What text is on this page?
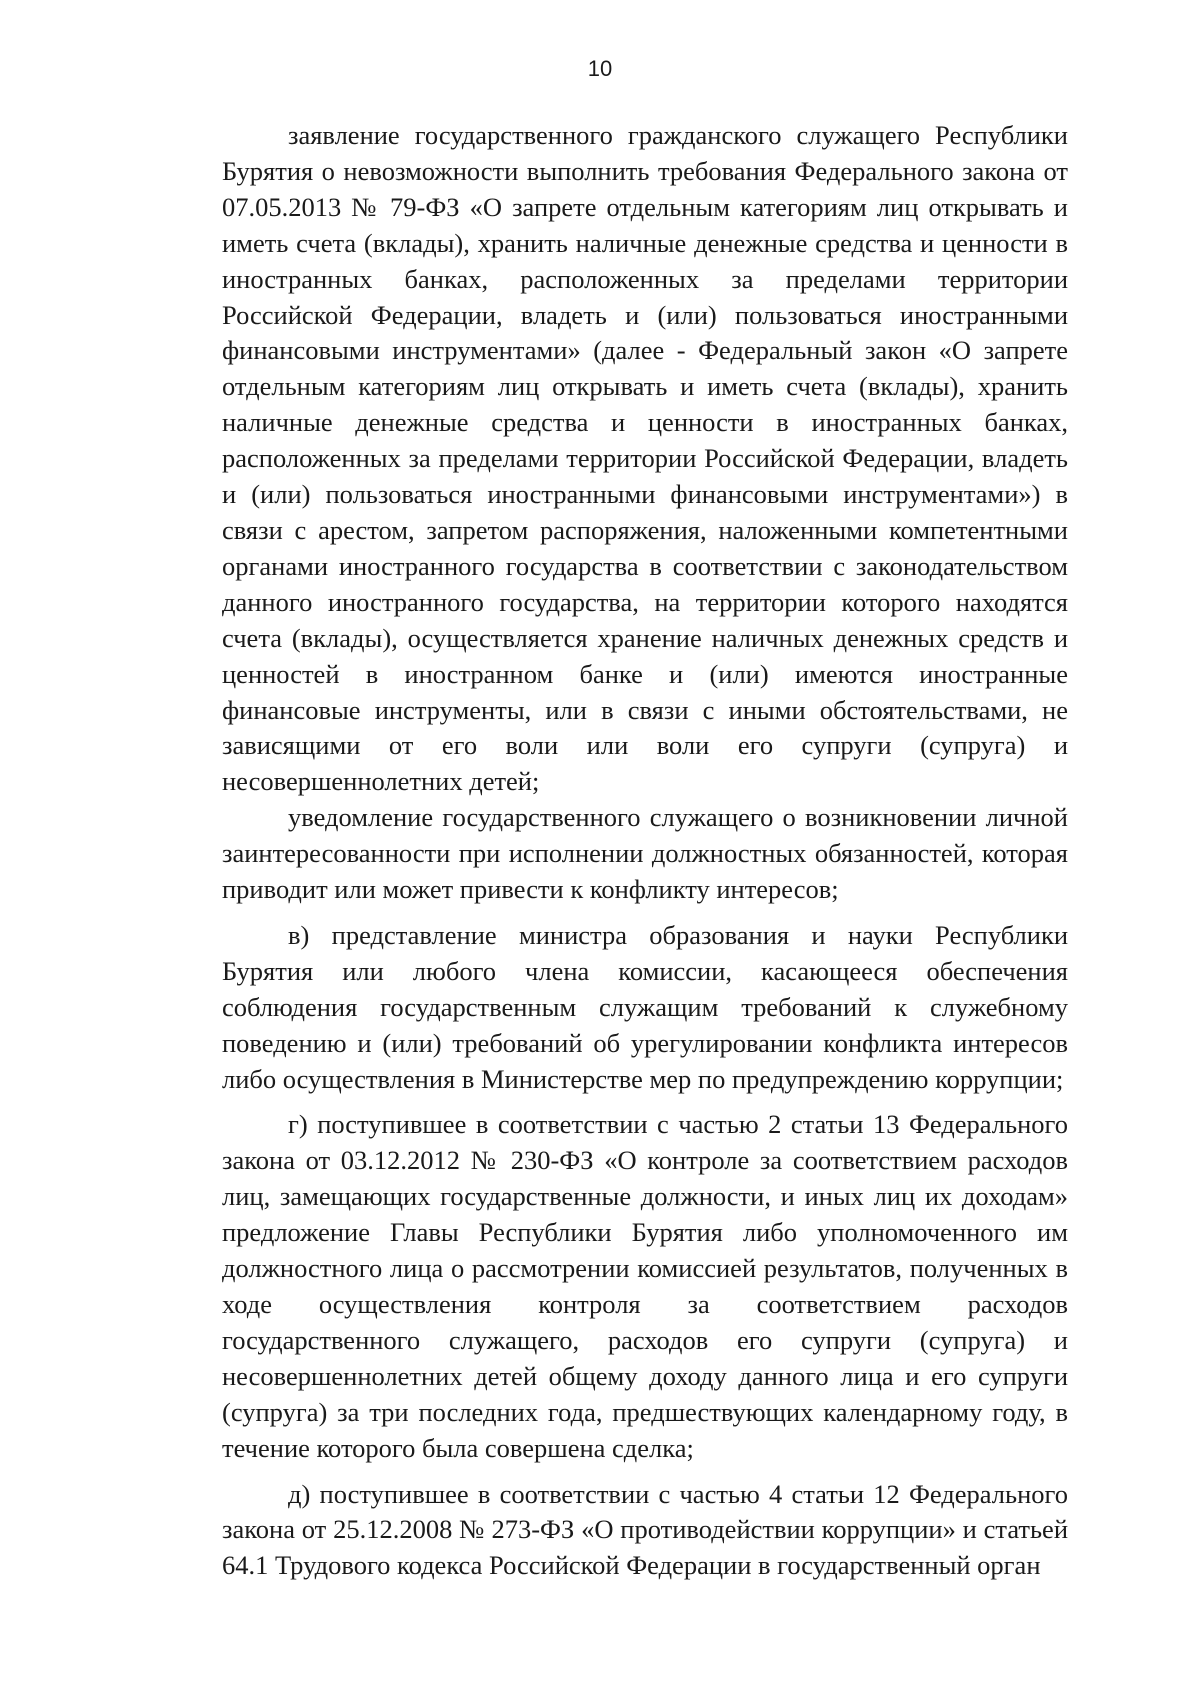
10

заявление государственного гражданского служащего Республики Бурятия о невозможности выполнить требования Федерального закона от 07.05.2013 № 79-ФЗ «О запрете отдельным категориям лиц открывать и иметь счета (вклады), хранить наличные денежные средства и ценности в иностранных банках, расположенных за пределами территории Российской Федерации, владеть и (или) пользоваться иностранными финансовыми инструментами» (далее - Федеральный закон «О запрете отдельным категориям лиц открывать и иметь счета (вклады), хранить наличные денежные средства и ценности в иностранных банках, расположенных за пределами территории Российской Федерации, владеть и (или) пользоваться иностранными финансовыми инструментами») в связи с арестом, запретом распоряжения, наложенными компетентными органами иностранного государства в соответствии с законодательством данного иностранного государства, на территории которого находятся счета (вклады), осуществляется хранение наличных денежных средств и ценностей в иностранном банке и (или) имеются иностранные финансовые инструменты, или в связи с иными обстоятельствами, не зависящими от его воли или воли его супруги (супруга) и несовершеннолетних детей;

уведомление государственного служащего о возникновении личной заинтересованности при исполнении должностных обязанностей, которая приводит или может привести к конфликту интересов;

в) представление министра образования и науки Республики Бурятия или любого члена комиссии, касающееся обеспечения соблюдения государственным служащим требований к служебному поведению и (или) требований об урегулировании конфликта интересов либо осуществления в Министерстве мер по предупреждению коррупции;

г) поступившее в соответствии с частью 2 статьи 13 Федерального закона от 03.12.2012 № 230-ФЗ «О контроле за соответствием расходов лиц, замещающих государственные должности, и иных лиц их доходам» предложение Главы Республики Бурятия либо уполномоченного им должностного лица о рассмотрении комиссией результатов, полученных в ходе осуществления контроля за соответствием расходов государственного служащего, расходов его супруги (супруга) и несовершеннолетних детей общему доходу данного лица и его супруги (супруга) за три последних года, предшествующих календарному году, в течение которого была совершена сделка;

д) поступившее в соответствии с частью 4 статьи 12 Федерального закона от 25.12.2008 № 273-ФЗ «О противодействии коррупции» и статьей 64.1 Трудового кодекса Российской Федерации в государственный орган
